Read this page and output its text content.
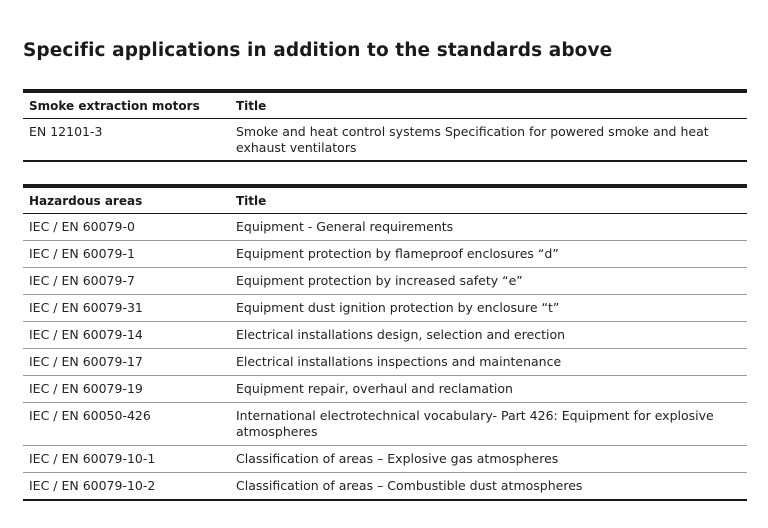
Specific applications in addition to the standards above
Smoke extraction motors	Title
EN 12101-3	Smoke and heat control systems Specification for powered smoke and heat exhaust ventilators
Hazardous areas	Title
IEC / EN 60079-0	Equipment - General requirements
IEC / EN 60079-1	Equipment protection by flameproof enclosures “d”
IEC / EN 60079-7	Equipment protection by increased safety “e”
IEC / EN 60079-31	Equipment dust ignition protection by enclosure “t”
IEC / EN 60079-14	Electrical installations design, selection and erection
IEC / EN 60079-17	Electrical installations inspections and maintenance
IEC / EN 60079-19	Equipment repair, overhaul and reclamation
IEC / EN 60050-426	International electrotechnical vocabulary- Part 426: Equipment for explosive atmospheres
IEC / EN 60079-10-1	Classification of areas – Explosive gas atmospheres
IEC / EN 60079-10-2	Classification of areas – Combustible dust atmospheres
